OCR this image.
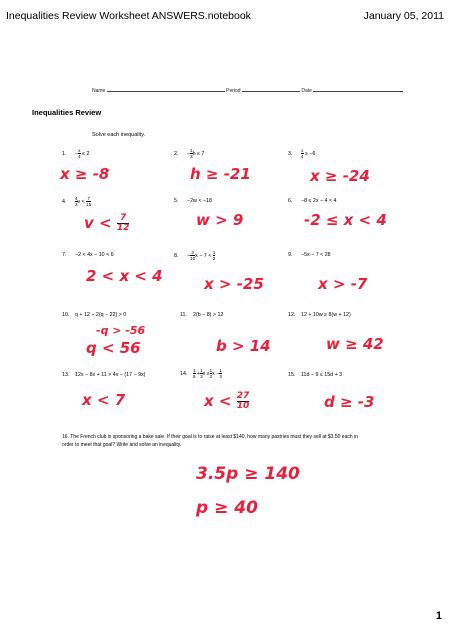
Inequalities Review Worksheet ANSWERS.notebook	January 05, 2011
Name	Period	Date
Inequalities Review
Solve each inequality.
1. − $\frac{x}{4} \le 2$
x ≥ -8
2. − $\frac{1}{3}$ h ≤ 7
h ≥ -21
3. $\frac{x}{4} \ge -6$
x ≥ -24
4. $\frac{4}{3}$ $v < \frac{7}{15}$
$v < \frac{7}{12}$
5. −2w < −18
w > 9
6. −8 ≤ 2x − 4 < 4
-2 ≤ x < 4
7. −2 < 4x − 10 < 6
2 < x < 4
8. − $\frac{3}{10}$ $x - 7 < \frac{1}{2}$
x > -25
9. −5x − 7 < 28
x > -7
10. q + 12 − 2(q − 22) > 0
-q > -56
q < 56
11. 2(b − 8) > 12
b > 14
12. 12 + 10w ≥ 8(w + 12)
w ≥ 42
13. 12x − 8x + 11 > 4x − (17 − 9x)
x < 7
14. $\frac{1}{5} + \frac{1}{3}$ $x \ge \frac{1}{2}$ $x - \frac{1}{4}$
$x < \frac{27}{10}$
15. 11d − 9 ≤ 15d + 3
d ≥ -3
16. The French club is sponsoring a bake sale. If their goal is to raise at least $140, how many pastries must they sell at $3.50 each in order to meet that goal? Write and solve an inequality.
3.5p ≥ 140
p ≥ 40
1
